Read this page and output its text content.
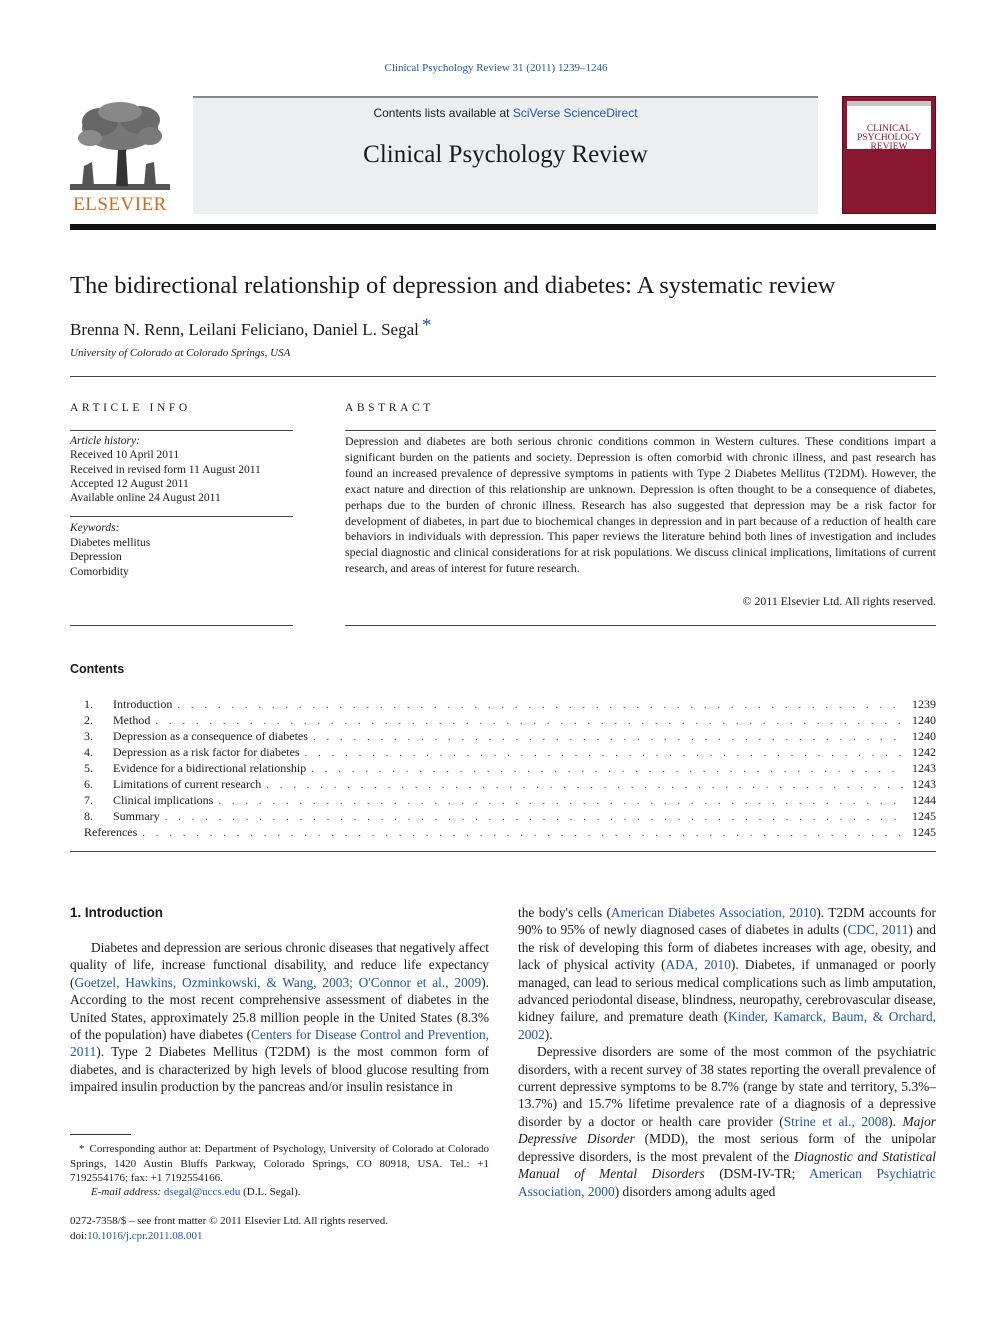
Clinical Psychology Review 31 (2011) 1239–1246
ELSEVIER
Contents lists available at SciVerse ScienceDirect
Clinical Psychology Review
CLINICAL PSYCHOLOGY REVIEW
The bidirectional relationship of depression and diabetes: A systematic review
Brenna N. Renn, Leilani Feliciano, Daniel L. Segal *
University of Colorado at Colorado Springs, USA
ARTICLE INFO	ABSTRACT
Article history:
Received 10 April 2011
Received in revised form 11 August 2011
Accepted 12 August 2011
Available online 24 August 2011
Keywords:
Diabetes mellitus
Depression
Comorbidity
Depression and diabetes are both serious chronic conditions common in Western cultures. These conditions impart a significant burden on the patients and society. Depression is often comorbid with chronic illness, and past research has found an increased prevalence of depressive symptoms in patients with Type 2 Diabetes Mellitus (T2DM). However, the exact nature and direction of this relationship are unknown. Depression is often thought to be a consequence of diabetes, perhaps due to the burden of chronic illness. Research has also suggested that depression may be a risk factor for development of diabetes, in part due to biochemical changes in depression and in part because of a reduction of health care behaviors in individuals with depression. This paper reviews the literature behind both lines of investigation and includes special diagnostic and clinical considerations for at risk populations. We discuss clinical implications, limitations of current research, and areas of interest for future research.
© 2011 Elsevier Ltd. All rights reserved.
Contents
1.	Introduction . . .	1239
2.	Method . . .	1240
3.	Depression as a consequence of diabetes . . .	1240
4.	Depression as a risk factor for diabetes . . .	1242
5.	Evidence for a bidirectional relationship . . .	1243
6.	Limitations of current research . . .	1243
7.	Clinical implications . . .	1244
8.	Summary . . .	1245
References . . .	1245
1. Introduction

Diabetes and depression are serious chronic diseases that negatively affect quality of life, increase functional disability, and reduce life expectancy (Goetzel, Hawkins, Ozminkowski, & Wang, 2003; O'Connor et al., 2009). According to the most recent comprehensive assessment of diabetes in the United States, approximately 25.8 million people in the United States (8.3% of the population) have diabetes (Centers for Disease Control and Prevention, 2011). Type 2 Diabetes Mellitus (T2DM) is the most common form of diabetes, and is characterized by high levels of blood glucose resulting from impaired insulin production by the pancreas and/or insulin resistance in

the body's cells (American Diabetes Association, 2010). T2DM accounts for 90% to 95% of newly diagnosed cases of diabetes in adults (CDC, 2011) and the risk of developing this form of diabetes increases with age, obesity, and lack of physical activity (ADA, 2010). Diabetes, if unmanaged or poorly managed, can lead to serious medical complications such as limb amputation, advanced periodontal disease, blindness, neuropathy, cerebrovascular disease, kidney failure, and premature death (Kinder, Kamarck, Baum, & Orchard, 2002).

Depressive disorders are some of the most common of the psychiatric disorders, with a recent survey of 38 states reporting the overall prevalence of current depressive symptoms to be 8.7% (range by state and territory, 5.3%–13.7%) and 15.7% lifetime prevalence rate of a diagnosis of a depressive disorder by a doctor or health care provider (Strine et al., 2008). Major Depressive Disorder (MDD), the most serious form of the unipolar depressive disorders, is the most prevalent of the Diagnostic and Statistical Manual of Mental Disorders (DSM-IV-TR; American Psychiatric Association, 2000) disorders among adults aged

* Corresponding author at: Department of Psychology, University of Colorado at Colorado Springs, 1420 Austin Bluffs Parkway, Colorado Springs, CO 80918, USA. Tel.: +1 7192554176; fax: +1 7192554166.
E-mail address: dsegal@uccs.edu (D.L. Segal).
0272-7358/$ – see front matter © 2011 Elsevier Ltd. All rights reserved.
doi:10.1016/j.cpr.2011.08.001
